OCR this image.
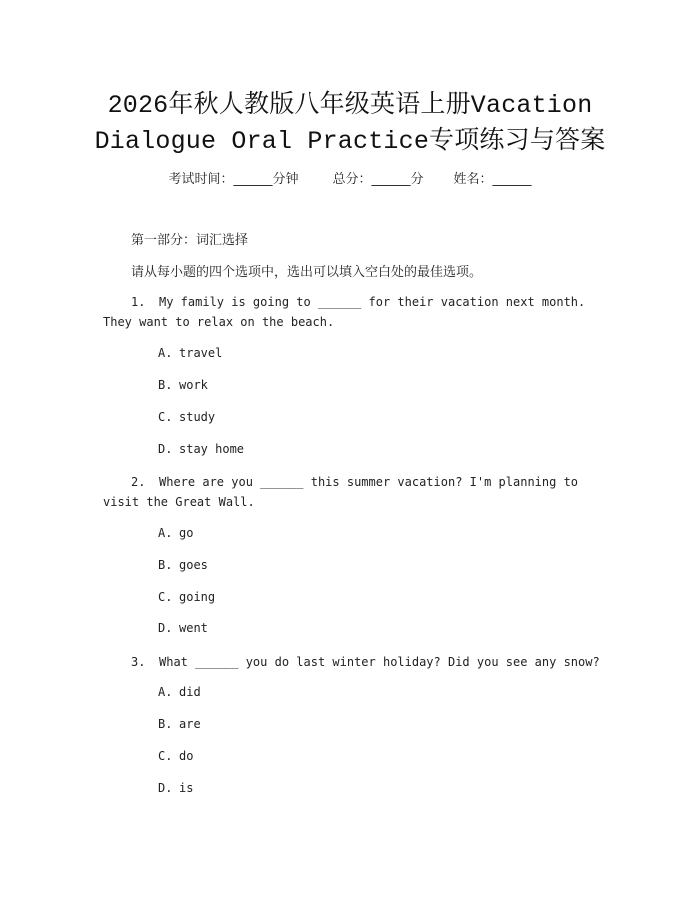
2026年秋人教版八年级英语上册Vacation
Dialogue Oral Practice专项练习与答案
考试时间：______分钟	总分：______分 姓名：______
第一部分：词汇选择
请从每小题的四个选项中，选出可以填入空白处的最佳选项。
1. My family is going to ______ for their vacation next month. They want to relax on the beach.
A. travel
B. work
C. study
D. stay home
2. Where are you ______ this summer vacation? I'm planning to visit the Great Wall.
A. go
B. goes
C. going
D. went
3. What ______ you do last winter holiday? Did you see any snow?
A. did
B. are
C. do
D. is
